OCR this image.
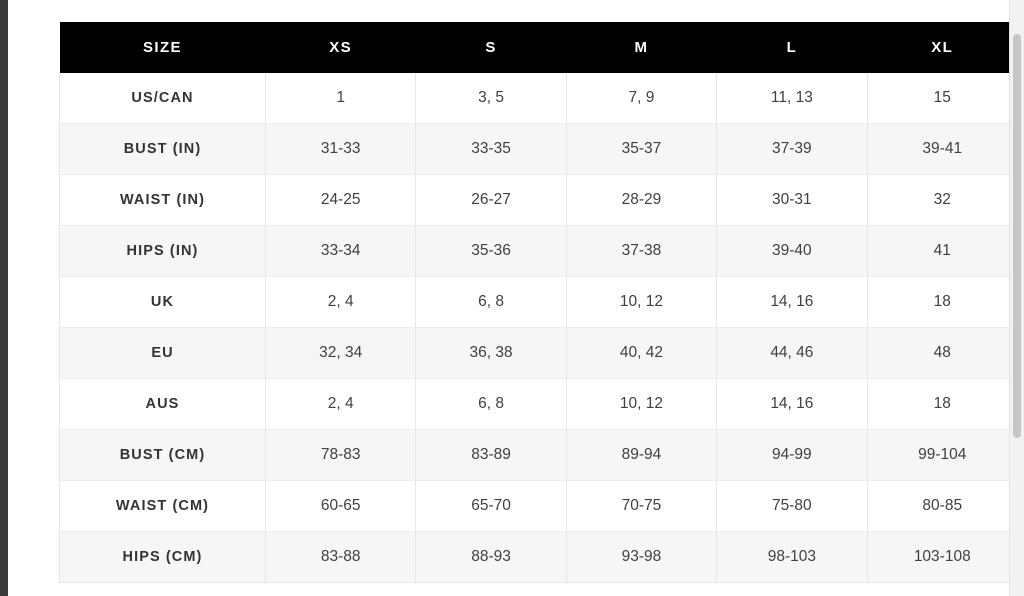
SIZE	XS	S	M	L	XL
US/CAN	1	3, 5	7, 9	11, 13	15
BUST (IN)	31-33	33-35	35-37	37-39	39-41
WAIST (IN)	24-25	26-27	28-29	30-31	32
HIPS (IN)	33-34	35-36	37-38	39-40	41
UK	2, 4	6, 8	10, 12	14, 16	18
EU	32, 34	36, 38	40, 42	44, 46	48
AUS	2, 4	6, 8	10, 12	14, 16	18
BUST (CM)	78-83	83-89	89-94	94-99	99-104
WAIST (CM)	60-65	65-70	70-75	75-80	80-85
HIPS (CM)	83-88	88-93	93-98	98-103	103-108
